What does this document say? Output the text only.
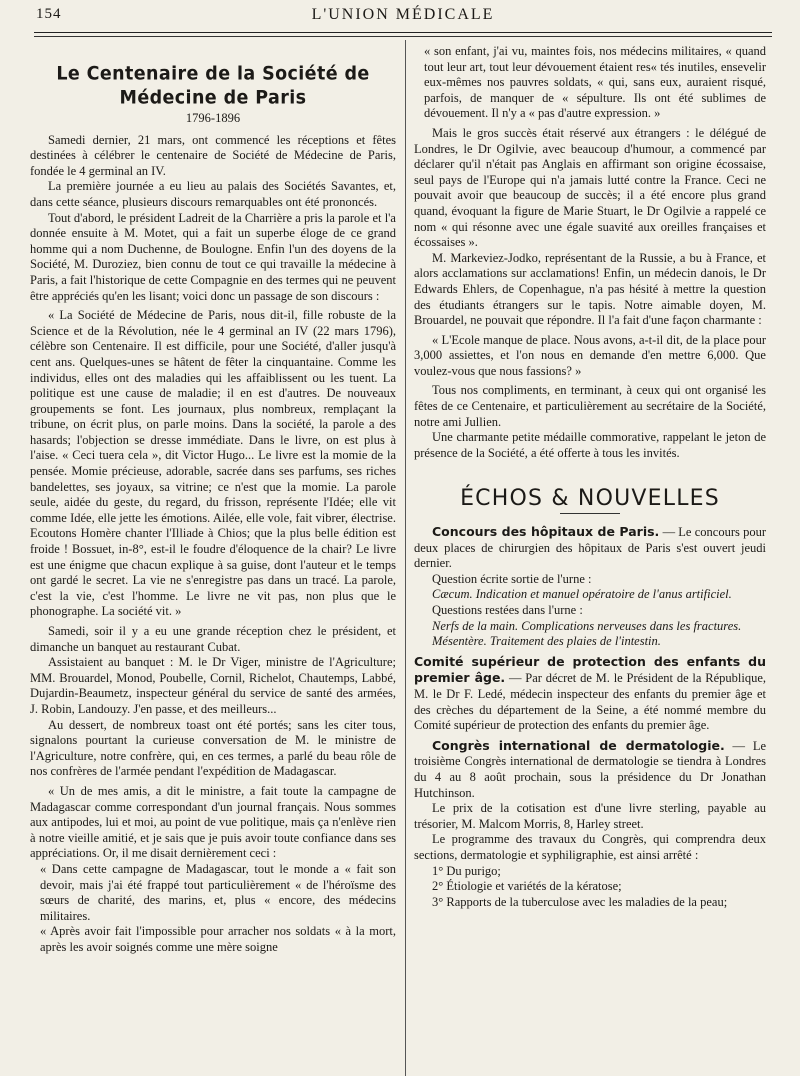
154	L'UNION MÉDICALE
Le Centenaire de la Société de Médecine de Paris
1796-1896

Samedi dernier, 21 mars, ont commencé les réceptions et fêtes destinées à célébrer le centenaire de Société de Médecine de Paris, fondée le 4 germinal an IV.

La première journée a eu lieu au palais des Sociétés Savantes, et, dans cette séance, plusieurs discours remarquables ont été prononcés.

Tout d'abord, le président Ladreit de la Charrière a pris la parole et l'a donnée ensuite à M. Motet, qui a fait un superbe éloge de ce grand homme qui a nom Duchenne, de Boulogne. Enfin l'un des doyens de la Société, M. Duroziez, bien connu de tout ce qui travaille la médecine à Paris, a fait l'historique de cette Compagnie en des termes qui ne peuvent être appréciés qu'en les lisant; voici donc un passage de son discours :

« La Société de Médecine de Paris, nous dit-il, fille robuste de la Science et de la Révolution, née le 4 germinal an IV (22 mars 1796), célèbre son Centenaire. Il est difficile, pour une Société, d'aller jusqu'à cent ans. Quelques-unes se hâtent de fêter la cinquantaine. Comme les individus, elles ont des maladies qui les affaiblissent ou les tuent. La politique est une cause de maladie; il en est d'autres. De nouveaux groupements se font. Les journaux, plus nombreux, remplaçant la tribune, on écrit plus, on parle moins. Dans la société, la parole a des hasards; l'objection se dresse immédiate. Dans le livre, on est plus à l'aise. « Ceci tuera cela », dit Victor Hugo... Le livre est la momie de la pensée. Momie précieuse, adorable, sacrée dans ses parfums, ses riches bandelettes, ses joyaux, sa vitrine; ce n'est que la momie. La parole seule, aidée du geste, du regard, du frisson, représente l'Idée; elle vit comme Idée, elle jette les émotions. Ailée, elle vole, fait vibrer, électrise. Ecoutons Homère chanter l'Illiade à Chios; que la plus belle édition est froide ! Bossuet, in-8°, est-il le foudre d'éloquence de la chair? Le livre est une énigme que chacun explique à sa guise, dont l'auteur et le temps ont gardé le secret. La vie ne s'enregistre pas dans un tracé. La parole, c'est la vie, c'est l'homme. Le livre ne vit pas, non plus que le phonographe. La société vit. »

Samedi, soir il y a eu une grande réception chez le président, et dimanche un banquet au restaurant Cubat.

Assistaient au banquet : M. le Dr Viger, ministre de l'Agriculture; MM. Brouardel, Monod, Poubelle, Cornil, Richelot, Chautemps, Labbé, Dujardin-Beaumetz, inspecteur général du service de santé des armées, J. Robin, Landouzy. J'en passe, et des meilleurs...

Au dessert, de nombreux toast ont été portés; sans les citer tous, signalons pourtant la curieuse conversation de M. le ministre de l'Agriculture, notre confrère, qui, en ces termes, a parlé du beau rôle de nos confrères de l'armée pendant l'expédition de Madagascar.

« Un de mes amis, a dit le ministre, a fait toute la campagne de Madagascar comme correspondant d'un journal français. Nous sommes aux antipodes, lui et moi, au point de vue politique, mais ça n'enlève rien à notre vieille amitié, et je sais que je puis avoir toute confiance dans ses appréciations. Or, il me disait dernièrement ceci :

« Dans cette campagne de Madagascar, tout le monde a « fait son devoir, mais j'ai été frappé tout particulièrement « de l'héroïsme des sœurs de charité, des marins, et, plus « encore, des médecins militaires.

« Après avoir fait l'impossible pour arracher nos soldats « à la mort, après les avoir soignés comme une mère soigne

« son enfant, j'ai vu, maintes fois, nos médecins militaires, « quand tout leur art, tout leur dévouement étaient res« tés inutiles, ensevelir eux-mêmes nos pauvres soldats, « qui, sans eux, auraient risqué, parfois, de manquer de « sépulture. Ils ont été sublimes de dévouement. Il n'y a « pas d'autre expression. »

Mais le gros succès était réservé aux étrangers : le délégué de Londres, le Dr Ogilvie, avec beaucoup d'humour, a commencé par déclarer qu'il n'était pas Anglais en affirmant son origine écossaise, seul pays de l'Europe qui n'a jamais lutté contre la France. Ceci ne pouvait avoir que beaucoup de succès; il a été encore plus grand quand, évoquant la figure de Marie Stuart, le Dr Ogilvie a rappelé ce nom « qui résonne avec une égale suavité aux oreilles françaises et écossaises ».

M. Markeviez-Jodko, représentant de la Russie, a bu à France, et alors acclamations sur acclamations! Enfin, un médecin danois, le Dr Edwards Ehlers, de Copenhague, n'a pas hésité à mettre la question des étudiants étrangers sur le tapis. Notre aimable doyen, M. Brouardel, ne pouvait que répondre. Il l'a fait d'une façon charmante :

« L'Ecole manque de place. Nous avons, a-t-il dit, de la place pour 3,000 assiettes, et l'on nous en demande d'en mettre 6,000. Que voulez-vous que nous fassions? »

Tous nos compliments, en terminant, à ceux qui ont organisé les fêtes de ce Centenaire, et particulièrement au secrétaire de la Société, notre ami Jullien.

Une charmante petite médaille commorative, rappelant le jeton de présence de la Société, a été offerte à tous les invités.

ÉCHOS & NOUVELLES

Concours des hôpitaux de Paris. — Le concours pour deux places de chirurgien des hôpitaux de Paris s'est ouvert jeudi dernier.

Question écrite sortie de l'urne :

Cæcum. Indication et manuel opératoire de l'anus artificiel.

Questions restées dans l'urne :

Nerfs de la main. Complications nerveuses dans les fractures.

Mésentère. Traitement des plaies de l'intestin.

Comité supérieur de protection des enfants du premier âge. — Par décret de M. le Président de la République, M. le Dr F. Ledé, médecin inspecteur des enfants du premier âge et des crèches du département de la Seine, a été nommé membre du Comité supérieur de protection des enfants du premier âge.

Congrès international de dermatologie. — Le troisième Congrès international de dermatologie se tiendra à Londres du 4 au 8 août prochain, sous la présidence du Dr Jonathan Hutchinson.

Le prix de la cotisation est d'une livre sterling, payable au trésorier, M. Malcom Morris, 8, Harley street.

Le programme des travaux du Congrès, qui comprendra deux sections, dermatologie et syphiligraphie, est ainsi arrêté :

1° Du purigo;

2° Étiologie et variétés de la kératose;

3° Rapports de la tuberculose avec les maladies de la peau;
